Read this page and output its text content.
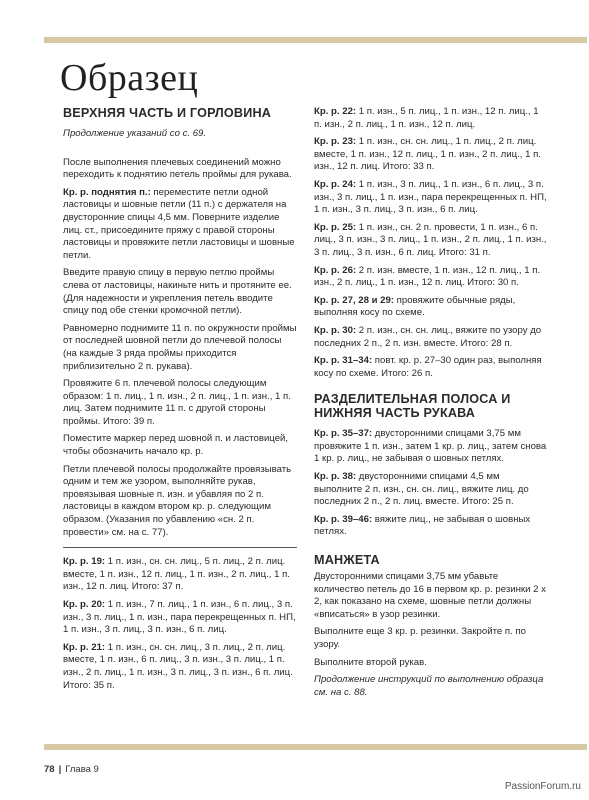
Образец
ВЕРХНЯЯ ЧАСТЬ И ГОРЛОВИНА

Продолжение указаний со с. 69.

После выполнения плечевых соединений можно переходить к поднятию петель проймы для рукава.

Кр. р. поднятия п.: переместите петли одной ластовицы и шовные петли (11 п.) с держателя на двусторонние спицы 4,5 мм. Поверните изделие лиц. ст., присоедините пряжу с правой стороны ластовицы и провяжите петли ластовицы и шовные петли.

Введите правую спицу в первую петлю проймы слева от ластовицы, накиньте нить и протяните ее. (Для надежности и укрепления петель вводите спицу под обе стенки кромочной петли).

Равномерно поднимите 11 п. по окружности проймы от последней шовной петли до плечевой полосы (на каждые 3 ряда проймы приходится приблизительно 2 п. рукава).

Провяжите 6 п. плечевой полосы следующим образом: 1 п. лиц., 1 п. изн., 2 п. лиц., 1 п. изн., 1 п. лиц. Затем поднимите 11 п. с другой стороны проймы. Итого: 39 п.

Поместите маркер перед шовной п. и ластовицей, чтобы обозначить начало кр. р.

Петли плечевой полосы продолжайте провязывать одним и тем же узором, выполняйте рукав, провязывая шовные п. изн. и убавляя по 2 п. ластовицы в каждом втором кр. р. следующим образом. (Указания по убавлению «сн. 2 п. провести» см. на с. 77).

Кр. р. 19: 1 п. изн., сн. сн. лиц., 5 п. лиц., 2 п. лиц. вместе, 1 п. изн., 12 п. лиц., 1 п. изн., 2 п. лиц., 1 п. изн., 12 п. лиц. Итого: 37 п.

Кр. р. 20: 1 п. изн., 7 п. лиц., 1 п. изн., 6 п. лиц., 3 п. изн., 3 п. лиц., 1 п. изн., пара перекрещенных п. НП, 1 п. изн., 3 п. лиц., 3 п. изн., 6 п. лиц.

Кр. р. 21: 1 п. изн., сн. сн. лиц., 3 п. лиц., 2 п. лиц. вместе, 1 п. изн., 6 п. лиц., 3 п. изн., 3 п. лиц., 1 п. изн., 2 п. лиц., 1 п. изн., 3 п. лиц., 3 п. изн., 6 п. лиц. Итого: 35 п.

Кр. р. 22: 1 п. изн., 5 п. лиц., 1 п. изн., 12 п. лиц., 1 п. изн., 2 п. лиц., 1 п. изн., 12 п. лиц.

Кр. р. 23: 1 п. изн., сн. сн. лиц., 1 п. лиц., 2 п. лиц. вместе, 1 п. изн., 12 п. лиц., 1 п. изн., 2 п. лиц., 1 п. изн., 12 п. лиц. Итого: 33 п.

Кр. р. 24: 1 п. изн., 3 п. лиц., 1 п. изн., 6 п. лиц., 3 п. изн., 3 п. лиц., 1 п. изн., пара перекрещенных п. НП, 1 п. изн., 3 п. лиц., 3 п. изн., 6 п. лиц.

Кр. р. 25: 1 п. изн., сн. 2 п. провести, 1 п. изн., 6 п. лиц., 3 п. изн., 3 п. лиц., 1 п. изн., 2 п. лиц., 1 п. изн., 3 п. лиц., 3 п. изн., 6 п. лиц. Итого: 31 п.

Кр. р. 26: 2 п. изн. вместе, 1 п. изн., 12 п. лиц., 1 п. изн., 2 п. лиц., 1 п. изн., 12 п. лиц. Итого: 30 п.

Кр. р. 27, 28 и 29: провяжите обычные ряды, выполняя косу по схеме.

Кр. р. 30: 2 п. изн., сн. сн. лиц., вяжите по узору до последних 2 п., 2 п. изн. вместе. Итого: 28 п.

Кр. р. 31–34: повт. кр. р. 27–30 один раз, выполняя косу по схеме. Итого: 26 п.

РАЗДЕЛИТЕЛЬНАЯ ПОЛОСА И НИЖНЯЯ ЧАСТЬ РУКАВА

Кр. р. 35–37: двусторонними спицами 3,75 мм провяжите 1 п. изн., затем 1 кр. р. лиц., затем снова 1 кр. р. лиц., не забывая о шовных петлях.

Кр. р. 38: двусторонними спицами 4,5 мм выполните 2 п. изн., сн. сн. лиц., вяжите лиц. до последних 2 п., 2 п. лиц. вместе. Итого: 25 п.

Кр. р. 39–46: вяжите лиц., не забывая о шовных петлях.

МАНЖЕТА

Двусторонними спицами 3,75 мм убавьте количество петель до 16 в первом кр. р. резинки 2 х 2, как показано на схеме, шовные петли должны «вписаться» в узор резинки.

Выполните еще 3 кр. р. резинки. Закройте п. по узору.

Выполните второй рукав.

Продолжение инструкций по выполнению образца см. на с. 88.

78 | Глава 9
PassionForum.ru
